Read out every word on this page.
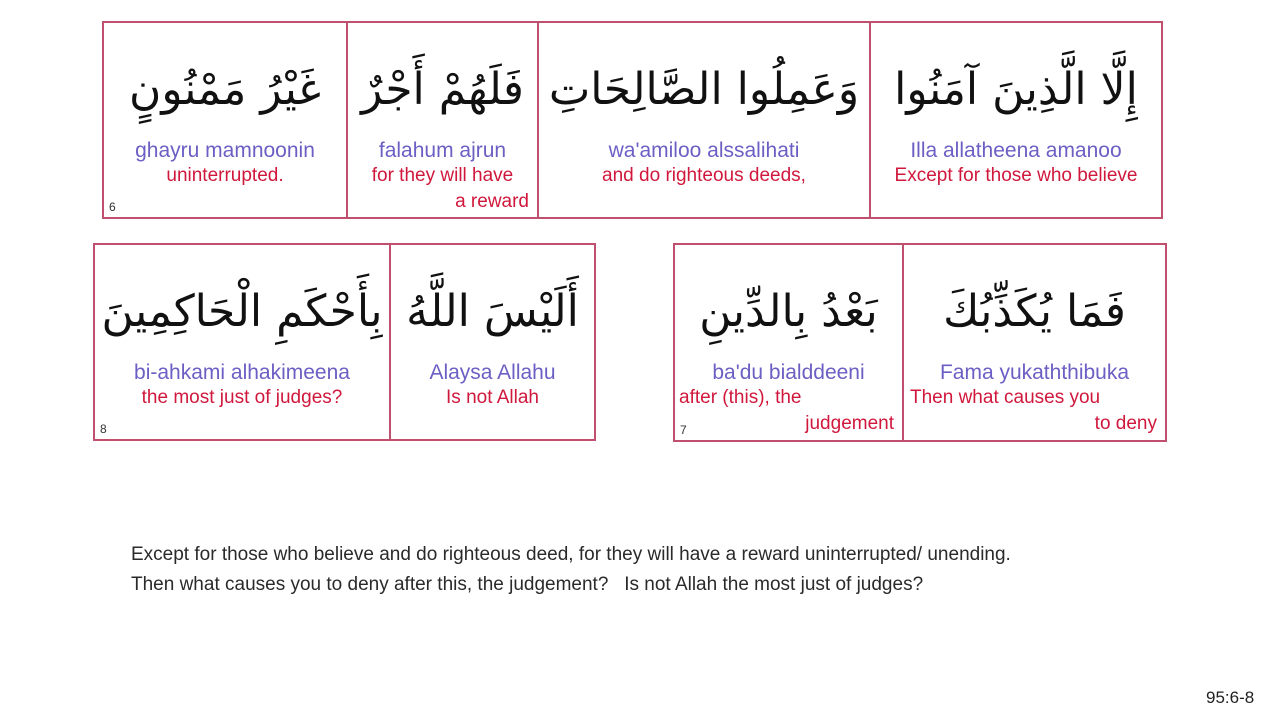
غَيْرُ مَمْنُونٍ
ghayru mamnoonin
uninterrupted.
6
فَلَهُمْ أَجْرٌ
falahum ajrun
for they will have
a reward
وَعَمِلُوا الصَّالِحَاتِ
wa'amiloo alssalihati
and do righteous deeds,
إِلَّا الَّذِينَ آمَنُوا
Illa allatheena amanoo
Except for those who believe
بِأَحْكَمِ الْحَاكِمِينَ
bi-ahkami alhakimeena
the most just of judges?
8
أَلَيْسَ اللَّهُ
Alaysa Allahu
Is not Allah
بَعْدُ بِالدِّينِ
ba'du bialddeeni
after (this), the
judgement
7
فَمَا يُكَذِّبُكَ
Fama yukaththibuka
Then what causes you
to deny
Except for those who believe and do righteous deed, for they will have a reward uninterrupted/ unending.
Then what causes you to deny after this, the judgement?   Is not Allah the most just of judges?
95:6-8
